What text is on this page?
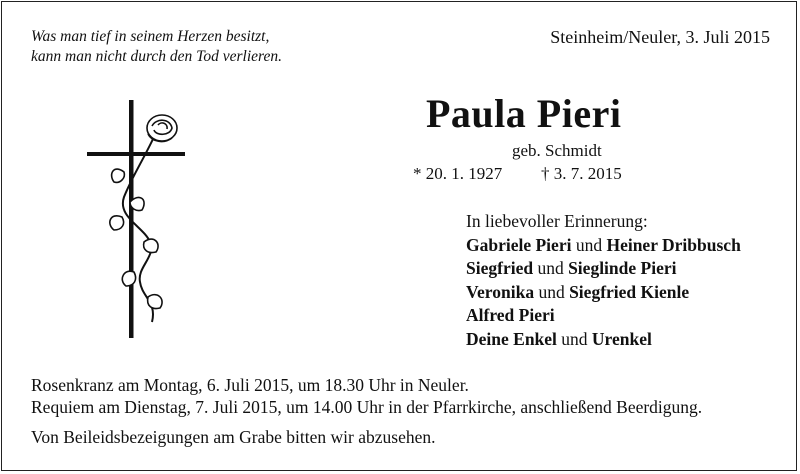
Was man tief in seinem Herzen besitzt,
kann man nicht durch den Tod verlieren.
Steinheim/Neuler, 3. Juli 2015
Paula Pieri
geb. Schmidt
* 20. 1. 1927 † 3. 7. 2015
In liebevoller Erinnerung:
Gabriele Pieri und Heiner Dribbusch
Siegfried und Sieglinde Pieri
Veronika und Siegfried Kienle
Alfred Pieri
Deine Enkel und Urenkel
Rosenkranz am Montag, 6. Juli 2015, um 18.30 Uhr in Neuler.
Requiem am Dienstag, 7. Juli 2015, um 14.00 Uhr in der Pfarrkirche, anschließend Beerdigung.
Von Beileidsbezeigungen am Grabe bitten wir abzusehen.
